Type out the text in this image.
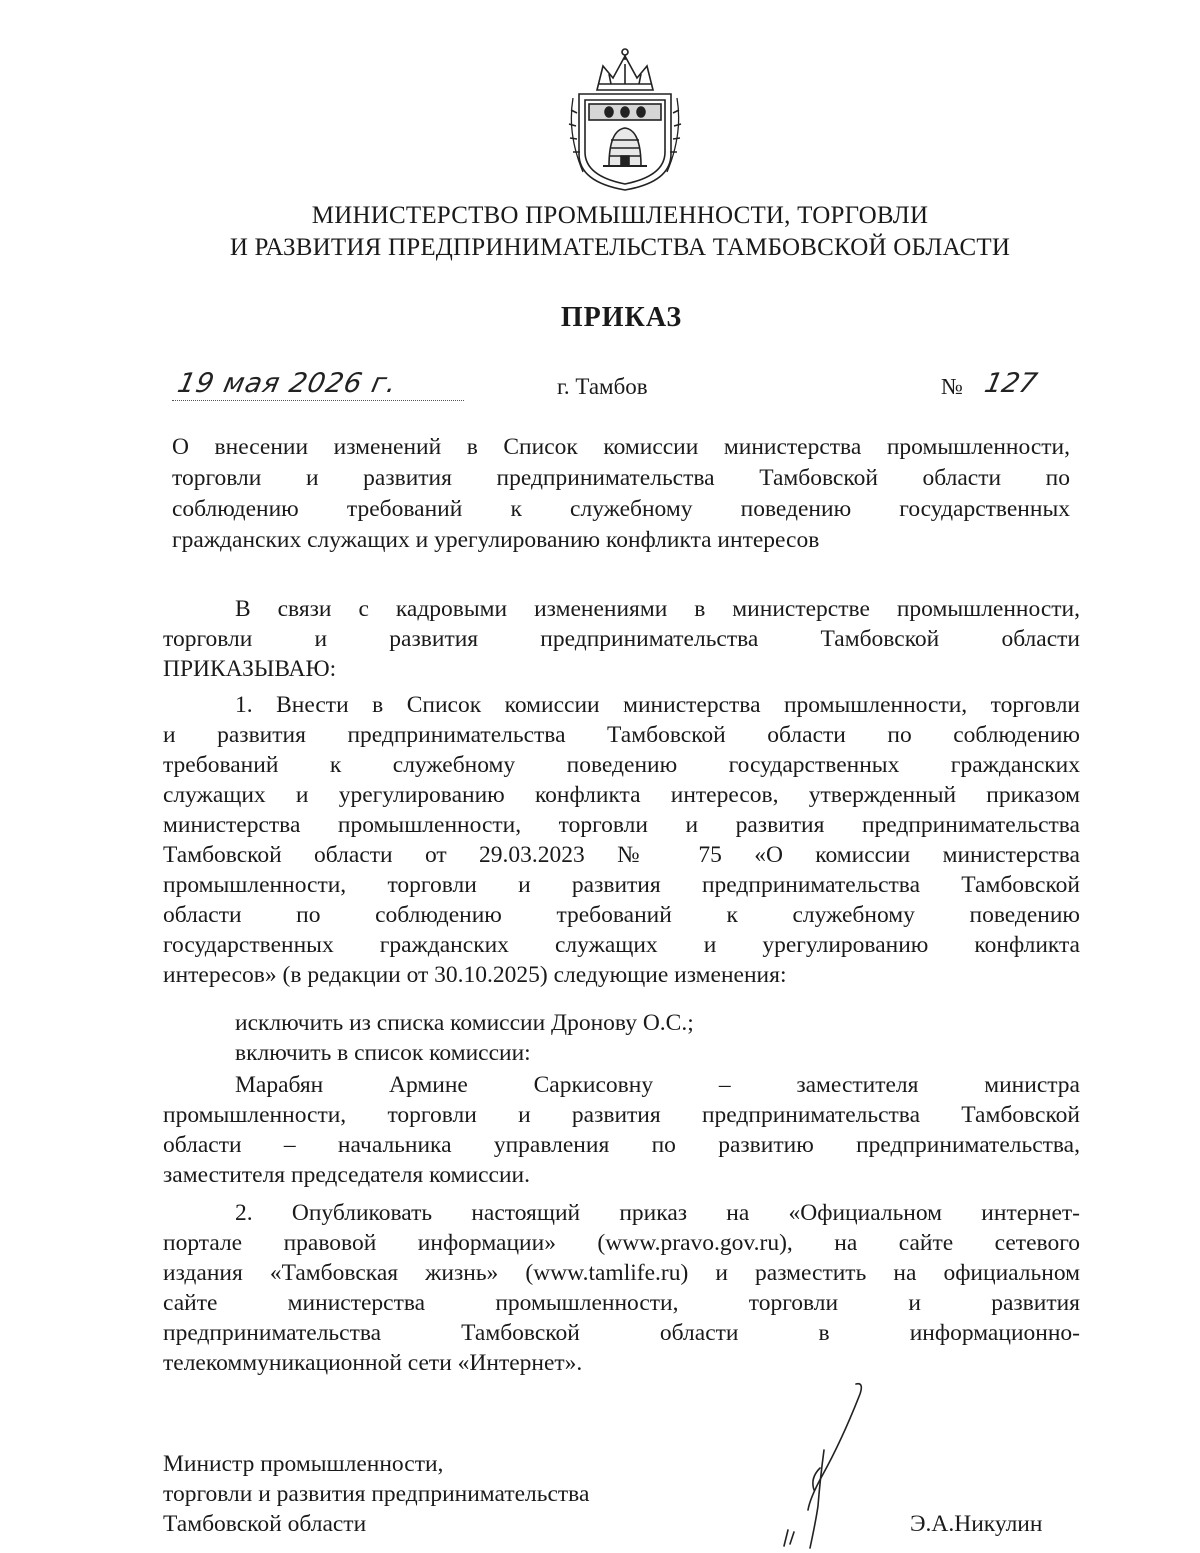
МИНИСТЕРСТВО ПРОМЫШЛЕННОСТИ, ТОРГОВЛИ
И РАЗВИТИЯ ПРЕДПРИНИМАТЕЛЬСТВА ТАМБОВСКОЙ ОБЛАСТИ
ПРИКАЗ
19 мая 2026 г.	г. Тамбов	№ 127
О внесении изменений в Список комиссии министерства промышленности,
торговли и развития предпринимательства Тамбовской области по
соблюдению требований к служебному поведению государственных
гражданских служащих и урегулированию конфликта интересов
В связи с кадровыми изменениями в министерстве промышленности,
торговли и развития предпринимательства Тамбовской области
ПРИКАЗЫВАЮ:
1. Внести в Список комиссии министерства промышленности, торговли
и развития предпринимательства Тамбовской области по соблюдению
требований к служебному поведению государственных гражданских
служащих и урегулированию конфликта интересов, утвержденный приказом
министерства промышленности, торговли и развития предпринимательства
Тамбовской области от 29.03.2023 № 75 «О комиссии министерства
промышленности, торговли и развития предпринимательства Тамбовской
области по соблюдению требований к служебному поведению
государственных гражданских служащих и урегулированию конфликта
интересов» (в редакции от 30.10.2025) следующие изменения:
исключить из списка комиссии Дронову О.С.;
включить в список комиссии:
Марабян Армине Саркисовну – заместителя министра
промышленности, торговли и развития предпринимательства Тамбовской
области – начальника управления по развитию предпринимательства,
заместителя председателя комиссии.
2. Опубликовать настоящий приказ на «Официальном интернет-
портале правовой информации» (www.pravo.gov.ru), на сайте сетевого
издания «Тамбовская жизнь» (www.tamlife.ru) и разместить на официальном
сайте министерства промышленности, торговли и развития
предпринимательства Тамбовской области в информационно-
телекоммуникационной сети «Интернет».
Министр промышленности,
торговли и развития предпринимательства
Тамбовской области	Э.А.Никулин
